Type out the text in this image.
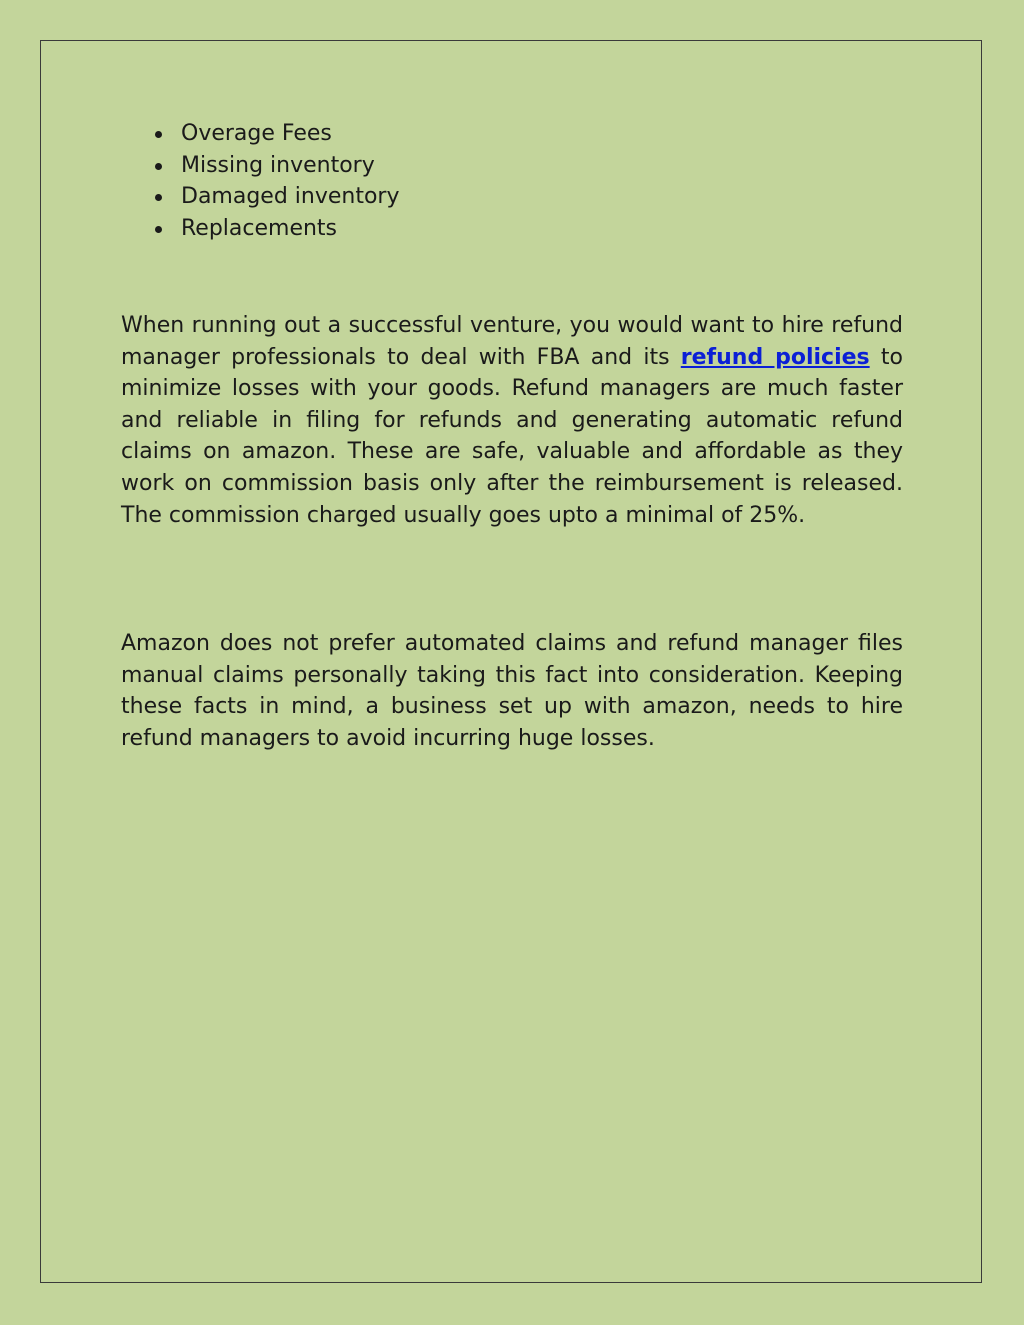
Overage Fees
Missing inventory
Damaged inventory
Replacements

When running out a successful venture, you would want to hire refund manager professionals to deal with FBA and its refund policies to minimize losses with your goods. Refund managers are much faster and reliable in filing for refunds and generating automatic refund claims on amazon. These are safe, valuable and affordable as they work on commission basis only after the reimbursement is released. The commission charged usually goes upto a minimal of 25%.

Amazon does not prefer automated claims and refund manager files manual claims personally taking this fact into consideration. Keeping these facts in mind, a business set up with amazon, needs to hire refund managers to avoid incurring huge losses.
